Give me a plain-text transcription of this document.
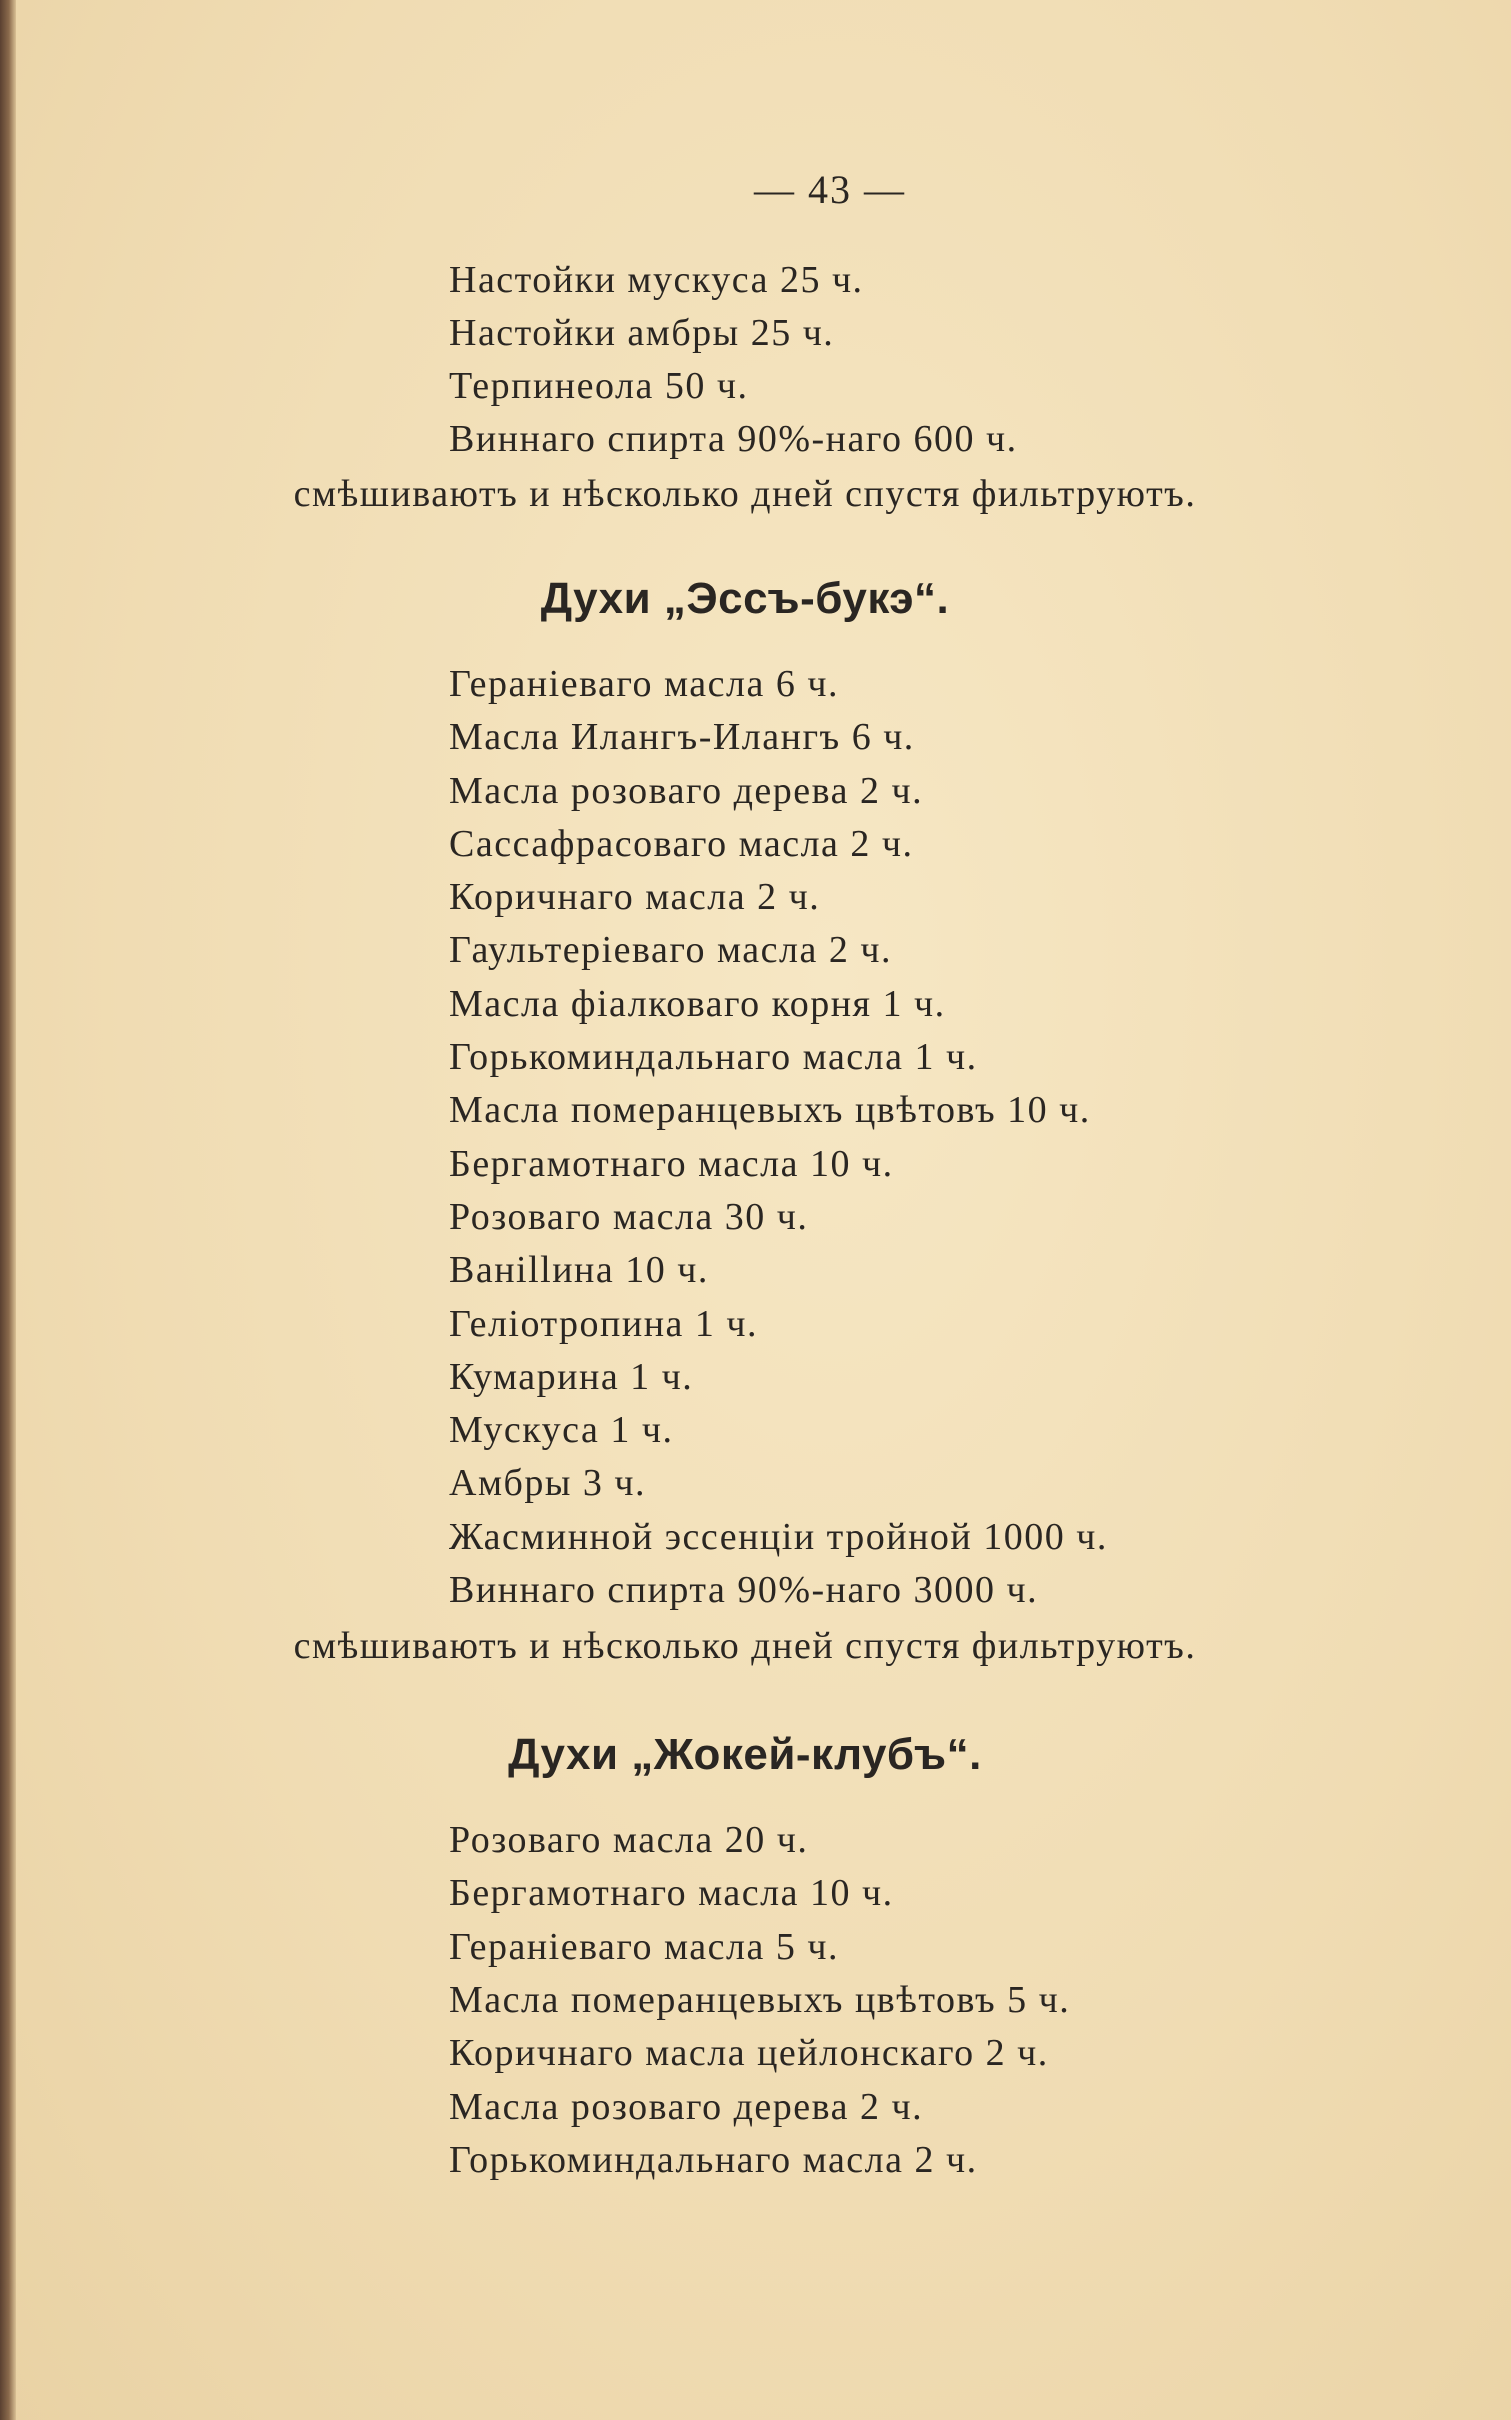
— 43 —
Настойки мускуса 25 ч.
Настойки амбры 25 ч.
Терпинеола 50 ч.
Виннаго спирта 90%-наго 600 ч.
смѣшиваютъ и нѣсколько дней спустя фильтруютъ.
Духи „Эссъ-букэ“.
Гераніеваго масла 6 ч.
Масла Илангъ-Илангъ 6 ч.
Масла розоваго дерева 2 ч.
Сассафрасоваго масла 2 ч.
Коричнаго масла 2 ч.
Гаультеріеваго масла 2 ч.
Масла фіалковаго корня 1 ч.
Горькоминдальнаго масла 1 ч.
Масла померанцевыхъ цвѣтовъ 10 ч.
Бергамотнаго масла 10 ч.
Розоваго масла 30 ч.
Ванillина 10 ч.
Геліотропина 1 ч.
Кумарина 1 ч.
Мускуса 1 ч.
Амбры 3 ч.
Жасминной эссенціи тройной 1000 ч.
Виннаго спирта 90%-наго 3000 ч.
смѣшиваютъ и нѣсколько дней спустя фильтруютъ.
Духи „Жокей-клубъ“.
Розоваго масла 20 ч.
Бергамотнаго масла 10 ч.
Гераніеваго масла 5 ч.
Масла померанцевыхъ цвѣтовъ 5 ч.
Коричнаго масла цейлонскаго 2 ч.
Масла розоваго дерева 2 ч.
Горькоминдальнаго масла 2 ч.
